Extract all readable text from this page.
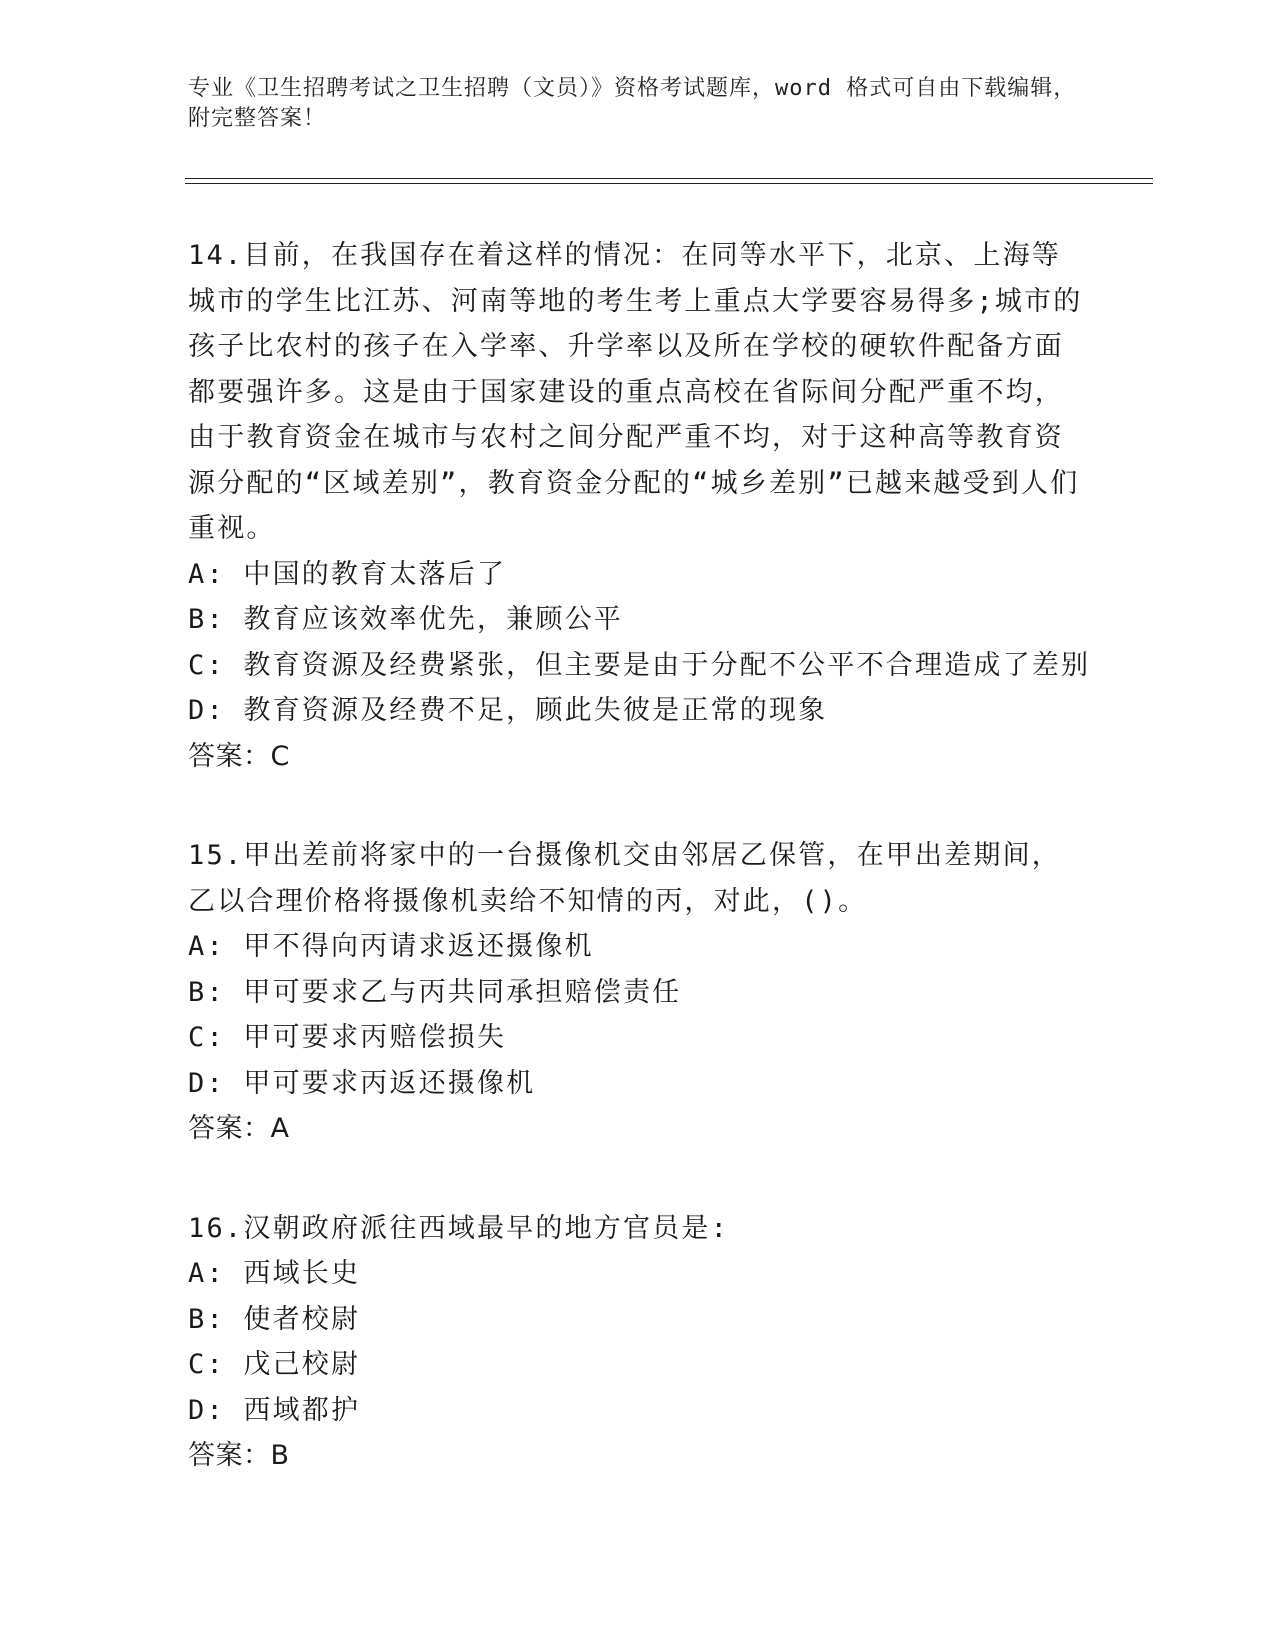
专业《卫生招聘考试之卫生招聘（文员）》资格考试题库，word 格式可自由下载编辑，附完整答案！

14.目前，在我国存在着这样的情况：在同等水平下，北京、上海等城市的学生比江苏、河南等地的考生考上重点大学要容易得多;城市的孩子比农村的孩子在入学率、升学率以及所在学校的硬软件配备方面都要强许多。这是由于国家建设的重点高校在省际间分配严重不均，由于教育资金在城市与农村之间分配严重不均，对于这种高等教育资源分配的“区域差别”，教育资金分配的“城乡差别”已越来越受到人们重视。

A: 中国的教育太落后了

B: 教育应该效率优先，兼顾公平

C: 教育资源及经费紧张，但主要是由于分配不公平不合理造成了差别

D: 教育资源及经费不足，顾此失彼是正常的现象

答案：C

15.甲出差前将家中的一台摄像机交由邻居乙保管，在甲出差期间，乙以合理价格将摄像机卖给不知情的丙，对此，()。

A: 甲不得向丙请求返还摄像机

B: 甲可要求乙与丙共同承担赔偿责任

C: 甲可要求丙赔偿损失

D: 甲可要求丙返还摄像机

答案：A

16.汉朝政府派往西域最早的地方官员是:

A: 西域长史

B: 使者校尉

C: 戊己校尉

D: 西域都护

答案：B
